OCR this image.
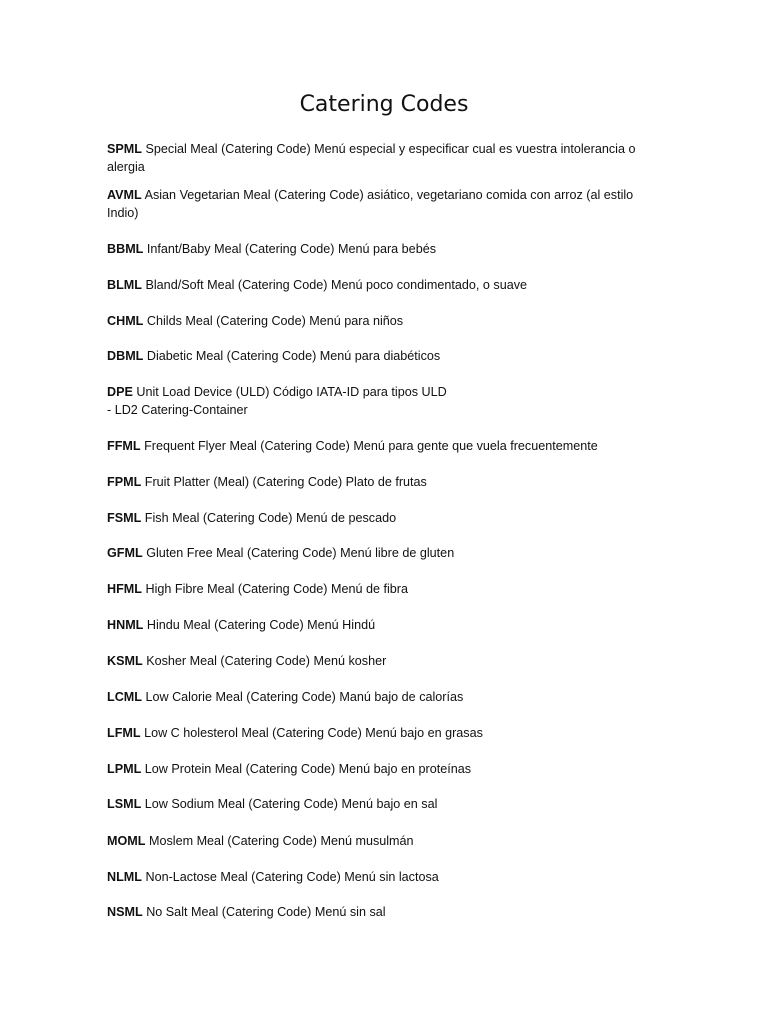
Catering Codes
SPML Special Meal (Catering Code) Menú especial y especificar cual es vuestra intolerancia o alergia
AVML Asian Vegetarian Meal (Catering Code) asiático, vegetariano comida con arroz (al estilo Indio)
BBML Infant/Baby Meal (Catering Code) Menú para bebés
BLML Bland/Soft Meal (Catering Code) Menú poco condimentado, o suave
CHML Childs Meal (Catering Code) Menú para niños
DBML Diabetic Meal (Catering Code) Menú para diabéticos
DPE Unit Load Device (ULD) Código IATA-ID para tipos ULD
- LD2 Catering-Container
FFML Frequent Flyer Meal (Catering Code) Menú para gente que vuela frecuentemente
FPML Fruit Platter (Meal) (Catering Code) Plato de frutas
FSML Fish Meal (Catering Code) Menú de pescado
GFML Gluten Free Meal (Catering Code) Menú libre de gluten
HFML High Fibre Meal (Catering Code) Menú de fibra
HNML Hindu Meal (Catering Code) Menú Hindú
KSML Kosher Meal (Catering Code) Menú kosher
LCML Low Calorie Meal (Catering Code) Manú bajo de calorías
LFML Low C holesterol Meal (Catering Code) Menú bajo en grasas
LPML Low Protein Meal (Catering Code) Menú bajo en proteínas
LSML Low Sodium Meal (Catering Code) Menú bajo en sal
MOML Moslem Meal (Catering Code) Menú musulmán
NLML Non-Lactose Meal (Catering Code) Menú sin lactosa
NSML No Salt Meal (Catering Code) Menú sin sal
